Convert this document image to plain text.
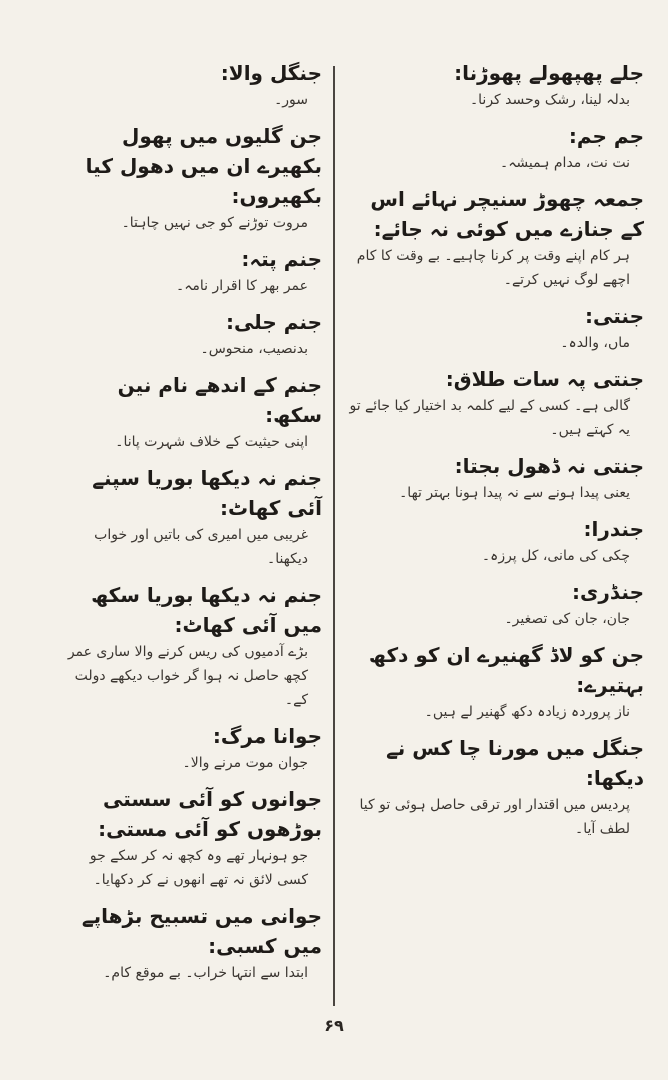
جلے پھپھولے پھوڑنا:
بدلہ لینا، رشک وحسد کرنا۔
جم جم:
نت نت، مدام ہمیشہ۔
جمعہ چھوڑ سنیچر نہائے اس کے جنازے میں کوئی نہ جائے:
ہر کام اپنے وقت پر کرنا چاہیے۔ بے وقت کا کام اچھے لوگ نہیں کرتے۔
جنتی:
ماں، والدہ۔
جنتی پہ سات طلاق:
گالی ہے۔ کسی کے لیے کلمہ بد اختیار کیا جائے تو یہ کہتے ہیں۔
جنتی نہ ڈھول بجتا:
یعنی پیدا ہونے سے نہ پیدا ہونا بہتر تھا۔
جندرا:
چکی کی مانی، کل پرزہ۔
جنڈری:
جان، جان کی تصغیر۔
جن کو لاڈ گھنیرے ان کو دکھ بہتیرے:
ناز پروردہ زیادہ دکھ گھنیر لے ہیں۔
جنگل میں مورنا چا کس نے دیکھا:
پردیس میں اقتدار اور ترقی حاصل ہوئی تو کیا لطف آیا۔
جنگل والا:
سور۔
جن گلیوں میں پھول بکھیرے ان میں دھول کیا بکھیروں:
مروت توڑنے کو جی نہیں چاہتا۔
جنم پتہ:
عمر بھر کا اقرار نامہ۔
جنم جلی:
بدنصیب، منحوس۔
جنم کے اندھے نام نین سکھ:
اپنی حیثیت کے خلاف شہرت پانا۔
جنم نہ دیکھا بوریا سپنے آئی کھاٹ:
غریبی میں امیری کی باتیں اور خواب دیکھنا۔
جنم نہ دیکھا بوریا سکھ میں آئی کھاٹ:
بڑے آدمیوں کی ریس کرنے والا ساری عمر کچھ حاصل نہ ہوا گر خواب دیکھے دولت کے۔
جوانا مرگ:
جوان موت مرنے والا۔
جوانوں کو آئی سستی بوڑھوں کو آئی مستی:
جو ہونہار تھے وہ کچھ نہ کر سکے جو کسی لائق نہ تھے انھوں نے کر دکھایا۔
جوانی میں تسبیح بڑھاپے میں کسبی:
ابتدا سے انتہا خراب۔ بے موقع کام۔
۶۹
